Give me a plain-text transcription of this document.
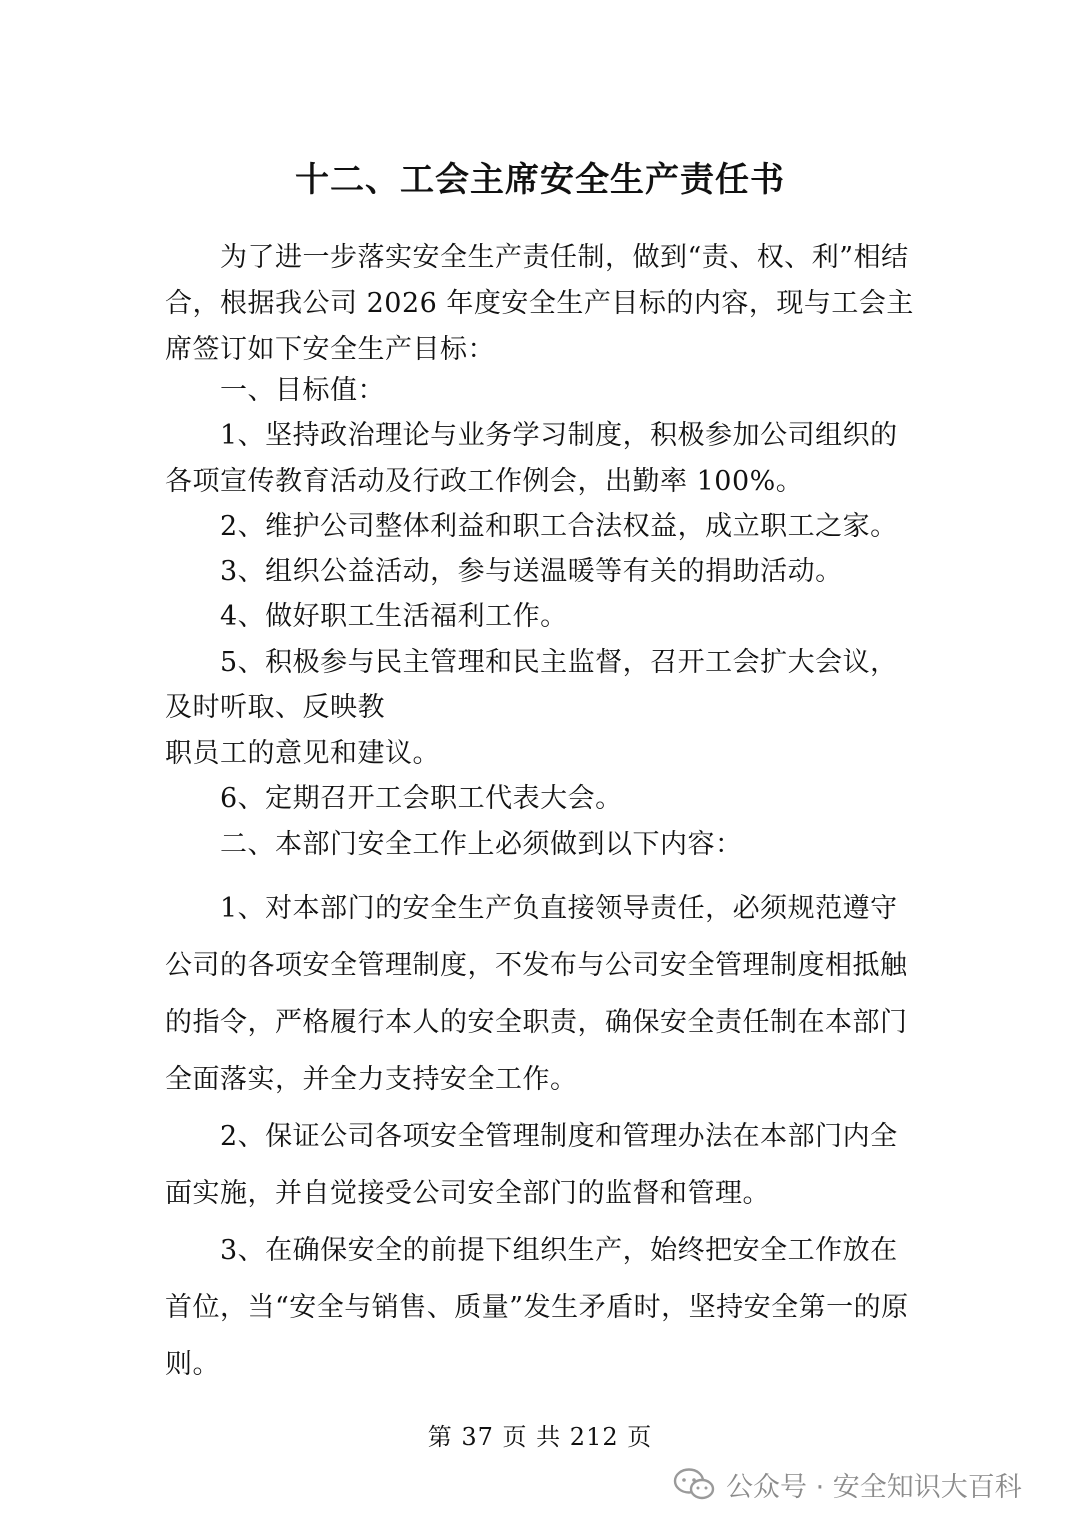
十二、工会主席安全生产责任书

为了进一步落实安全生产责任制，做到“责、权、利”相结合，根据我公司 2026 年度安全生产目标的内容，现与工会主席签订如下安全生产目标：

一、目标值：
1、坚持政治理论与业务学习制度，积极参加公司组织的
各项宣传教育活动及行政工作例会，出勤率 100%。
2、维护公司整体利益和职工合法权益，成立职工之家。
3、组织公益活动，参与送温暖等有关的捐助活动。
4、做好职工生活福利工作。
5、积极参与民主管理和民主监督，召开工会扩大会议，
及时听取、反映教
职员工的意见和建议。
6、定期召开工会职工代表大会。
二、本部门安全工作上必须做到以下内容：

1、对本部门的安全生产负直接领导责任，必须规范遵守公司的各项安全管理制度，不发布与公司安全管理制度相抵触的指令，严格履行本人的安全职责，确保安全责任制在本部门全面落实，并全力支持安全工作。

2、保证公司各项安全管理制度和管理办法在本部门内全面实施，并自觉接受公司安全部门的监督和管理。

3、在确保安全的前提下组织生产，始终把安全工作放在首位，当“安全与销售、质量”发生矛盾时，坚持安全第一的原则。

第 37 页 共 212 页
公众号 · 安全知识大百科
